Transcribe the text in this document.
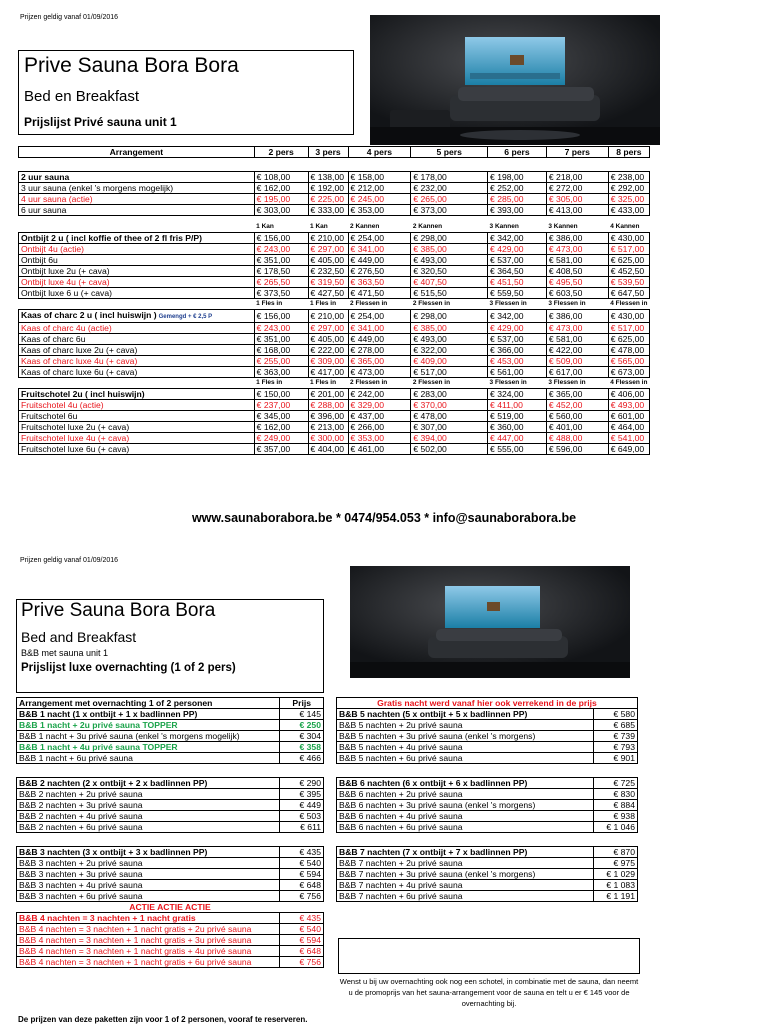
Prijzen geldig vanaf 01/09/2016
Prive Sauna Bora Bora
Bed en Breakfast
Prijslijst Privé sauna unit 1
Arrangement	2 pers	3 pers	4 pers	5 pers	6 pers	7 pers	8 pers

2 uur sauna	€ 108,00	€ 138,00	€ 158,00	€ 178,00	€ 198,00	€ 218,00	€ 238,00
3 uur sauna (enkel 's morgens mogelijk)	€ 162,00	€ 192,00	€ 212,00	€ 232,00	€ 252,00	€ 272,00	€ 292,00
4 uur sauna (actie)	€ 195,00	€ 225,00	€ 245,00	€ 265,00	€ 285,00	€ 305,00	€ 325,00
6 uur sauna	€ 303,00	€ 333,00	€ 353,00	€ 373,00	€ 393,00	€ 413,00	€ 433,00

	1 Kan	1 Kan	2 Kannen	2 Kannen	3 Kannen	3 Kannen	4 Kannen
Ontbijt 2 u ( incl koffie of thee of 2 fl fris P/P)	€ 156,00	€ 210,00	€ 254,00	€ 298,00	€ 342,00	€ 386,00	€ 430,00
Ontbijt 4u (actie)	€ 243,00	€ 297,00	€ 341,00	€ 385,00	€ 429,00	€ 473,00	€ 517,00
Ontbijt 6u	€ 351,00	€ 405,00	€ 449,00	€ 493,00	€ 537,00	€ 581,00	€ 625,00
Ontbijt luxe 2u (+ cava)	€ 178,50	€ 232,50	€ 276,50	€ 320,50	€ 364,50	€ 408,50	€ 452,50
Ontbijt luxe 4u (+ cava)	€ 265,50	€ 319,50	€ 363,50	€ 407,50	€ 451,50	€ 495,50	€ 539,50
Ontbijt luxe 6 u (+ cava)	€ 373,50	€ 427,50	€ 471,50	€ 515,50	€ 559,50	€ 603,50	€ 647,50
	1 Fles in	1 Fles in	2 Flessen in	2 Flessen in	3 Flessen in	3 Flessen in	4 Flessen in
Kaas of charc 2 u ( incl huiswijn ) Gemengd + € 2,5 P	€ 156,00	€ 210,00	€ 254,00	€ 298,00	€ 342,00	€ 386,00	€ 430,00
Kaas of charc 4u (actie)	€ 243,00	€ 297,00	€ 341,00	€ 385,00	€ 429,00	€ 473,00	€ 517,00
Kaas of charc 6u	€ 351,00	€ 405,00	€ 449,00	€ 493,00	€ 537,00	€ 581,00	€ 625,00
Kaas of charc luxe 2u (+ cava)	€ 168,00	€ 222,00	€ 278,00	€ 322,00	€ 366,00	€ 422,00	€ 478,00
Kaas of charc luxe 4u (+ cava)	€ 255,00	€ 309,00	€ 365,00	€ 409,00	€ 453,00	€ 509,00	€ 565,00
Kaas of charc luxe 6u (+ cava)	€ 363,00	€ 417,00	€ 473,00	€ 517,00	€ 561,00	€ 617,00	€ 673,00
	1 Fles in	1 Fles in	2 Flessen in	2 Flessen in	3 Flessen in	3 Flessen in	4 Flessen in
Fruitschotel 2u ( incl huiswijn)	€ 150,00	€ 201,00	€ 242,00	€ 283,00	€ 324,00	€ 365,00	€ 406,00
Fruitschotel 4u (actie)	€ 237,00	€ 288,00	€ 329,00	€ 370,00	€ 411,00	€ 452,00	€ 493,00
Fruitschotel 6u	€ 345,00	€ 396,00	€ 437,00	€ 478,00	€ 519,00	€ 560,00	€ 601,00
Fruitschotel luxe 2u (+ cava)	€ 162,00	€ 213,00	€ 266,00	€ 307,00	€ 360,00	€ 401,00	€ 464,00
Fruitschotel luxe 4u (+ cava)	€ 249,00	€ 300,00	€ 353,00	€ 394,00	€ 447,00	€ 488,00	€ 541,00
Fruitschotel luxe 6u (+ cava)	€ 357,00	€ 404,00	€ 461,00	€ 502,00	€ 555,00	€ 596,00	€ 649,00
www.saunaborabora.be * 0474/954.053 * info@saunaborabora.be
Prijzen geldig vanaf 01/09/2016
Prive Sauna Bora Bora
Bed and Breakfast
B&B met sauna unit 1
Prijslijst luxe overnachting (1 of 2 pers)
Arrangement met overnachting 1 of 2 personen	Prijs
B&B 1 nacht (1 x ontbijt + 1 x badlinnen PP)	€ 145
B&B 1 nacht + 2u privé sauna TOPPER	€ 250
B&B 1 nacht + 3u privé sauna (enkel 's morgens mogelijk)	€ 304
B&B 1 nacht + 4u privé sauna TOPPER	€ 358
B&B 1 nacht + 6u privé sauna	€ 466

B&B 2 nachten (2 x ontbijt + 2 x badlinnen PP)	€ 290
B&B 2 nachten + 2u privé sauna	€ 395
B&B 2 nachten + 3u privé sauna	€ 449
B&B 2 nachten + 4u privé sauna	€ 503
B&B 2 nachten + 6u privé sauna	€ 611

B&B 3 nachten (3 x ontbijt + 3 x badlinnen PP)	€ 435
B&B 3 nachten + 2u privé sauna	€ 540
B&B 3 nachten + 3u privé sauna	€ 594
B&B 3 nachten + 4u privé sauna	€ 648
B&B 3 nachten + 6u privé sauna	€ 756
ACTIE ACTIE ACTIE	
B&B 4 nachten = 3 nachten + 1 nacht gratis	€ 435
B&B 4 nachten = 3 nachten + 1 nacht gratis + 2u privé sauna	€ 540
B&B 4 nachten = 3 nachten + 1 nacht gratis + 3u privé sauna	€ 594
B&B 4 nachten = 3 nachten + 1 nacht gratis + 4u privé sauna	€ 648
B&B 4 nachten = 3 nachten + 1 nacht gratis + 6u privé sauna	€ 756
Gratis nacht werd vanaf hier ook verrekend in de prijs	
B&B 5 nachten (5 x ontbijt + 5 x badlinnen PP)	€ 580
B&B 5 nachten + 2u privé sauna	€ 685
B&B 5 nachten + 3u privé sauna (enkel 's morgens)	€ 739
B&B 5 nachten + 4u privé sauna	€ 793
B&B 5 nachten + 6u privé sauna	€ 901

B&B 6 nachten (6 x ontbijt + 6 x badlinnen PP)	€ 725
B&B 6 nachten + 2u privé sauna	€ 830
B&B 6 nachten + 3u privé sauna (enkel 's morgens)	€ 884
B&B 6 nachten + 4u privé sauna	€ 938
B&B 6 nachten + 6u privé sauna	€ 1 046

B&B 7 nachten (7 x ontbijt + 7 x badlinnen PP)	€ 870
B&B 7 nachten + 2u privé sauna	€ 975
B&B 7 nachten + 3u privé sauna (enkel 's morgens)	€ 1 029
B&B 7 nachten + 4u privé sauna	€ 1 083
B&B 7 nachten + 6u privé sauna	€ 1 191
Wenst u bij uw overnachting ook nog een schotel, in combinatie met de sauna, dan neemt u de promoprijs van het sauna-arrangement voor de sauna en telt u er € 145 voor de overnachting bij.
De prijzen van deze paketten zijn voor 1 of 2 personen, vooraf te reserveren.
